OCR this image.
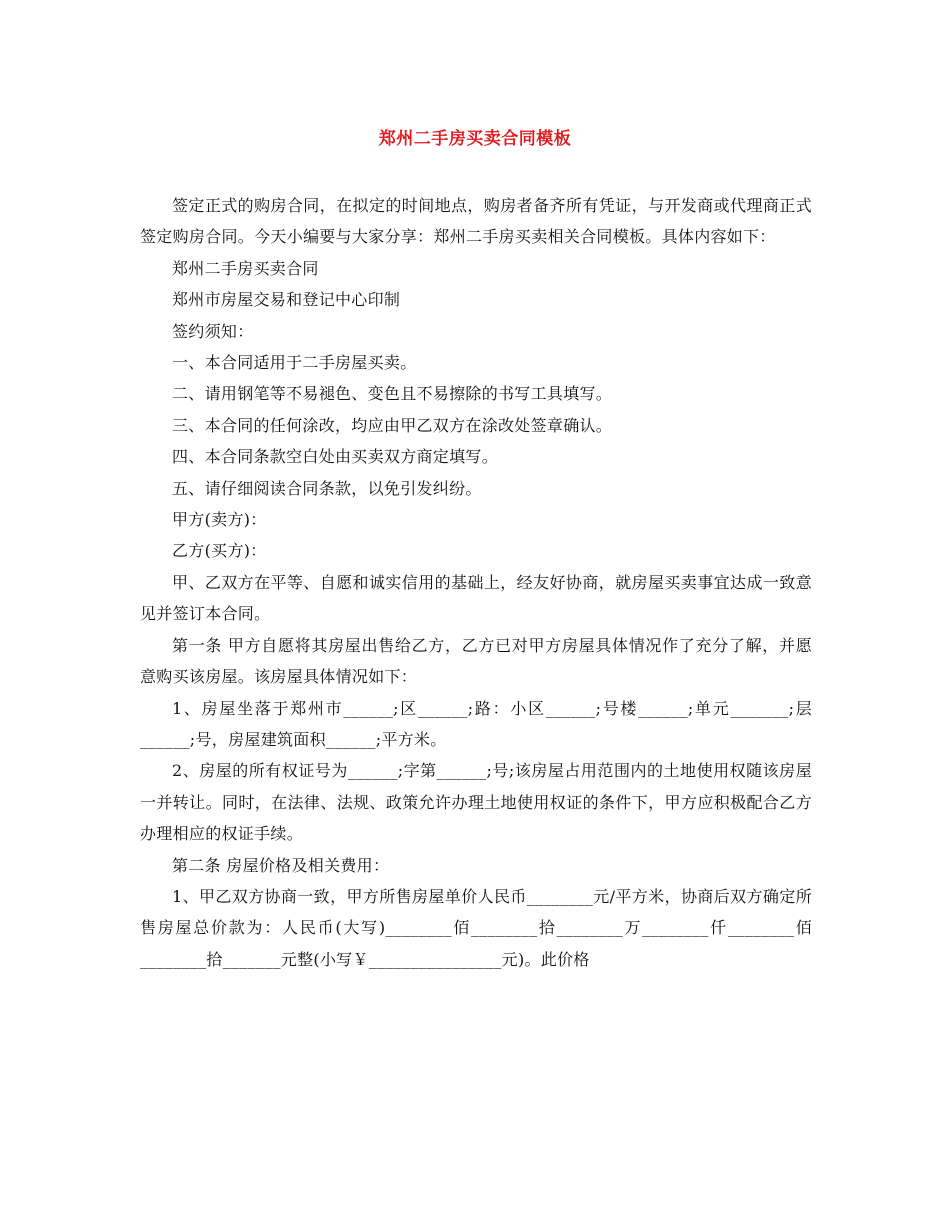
郑州二手房买卖合同模板

签定正式的购房合同，在拟定的时间地点，购房者备齐所有凭证，与开发商或代理商正式签定购房合同。今天小编要与大家分享：郑州二手房买卖相关合同模板。具体内容如下：

郑州二手房买卖合同

郑州市房屋交易和登记中心印制

签约须知：

一、本合同适用于二手房屋买卖。

二、请用钢笔等不易褪色、变色且不易擦除的书写工具填写。

三、本合同的任何涂改，均应由甲乙双方在涂改处签章确认。

四、本合同条款空白处由买卖双方商定填写。

五、请仔细阅读合同条款，以免引发纠纷。

甲方(卖方)：

乙方(买方)：

甲、乙双方在平等、自愿和诚实信用的基础上，经友好协商，就房屋买卖事宜达成一致意见并签订本合同。

第一条 甲方自愿将其房屋出售给乙方，乙方已对甲方房屋具体情况作了充分了解，并愿意购买该房屋。该房屋具体情况如下：

1、房屋坐落于郑州市______;区______;路：小区______;号楼______;单元_______;层______;号，房屋建筑面积______;平方米。

2、房屋的所有权证号为______;字第______;号;该房屋占用范围内的土地使用权随该房屋一并转让。同时，在法律、法规、政策允许办理土地使用权证的条件下，甲方应积极配合乙方办理相应的权证手续。

第二条 房屋价格及相关费用：

1、甲乙双方协商一致，甲方所售房屋单价人民币________元/平方米，协商后双方确定所售房屋总价款为：人民币(大写)________佰________拾________万________仟________佰________拾_______元整(小写￥________________元)。此价格
